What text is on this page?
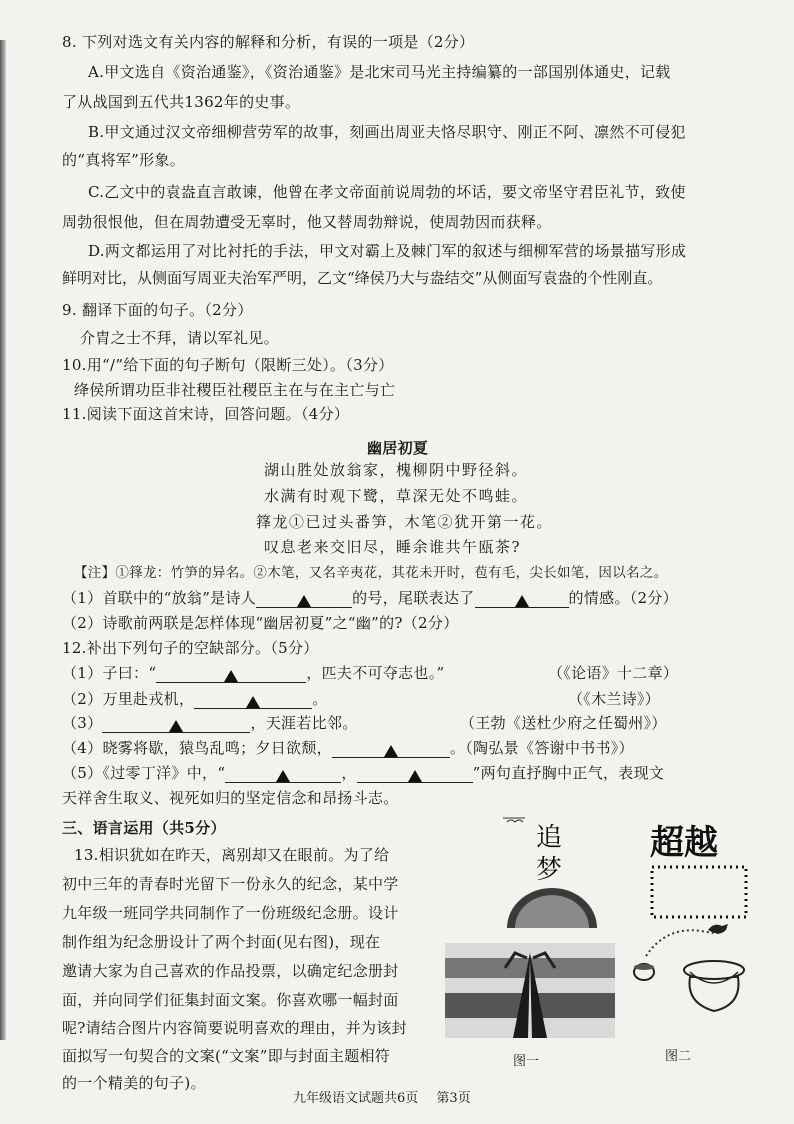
8. 下列对选文有关内容的解释和分析，有误的一项是（2分）
A.甲文选自《资治通鉴》，《资治通鉴》是北宋司马光主持编纂的一部国别体通史，记载
了从战国到五代共1362年的史事。
B.甲文通过汉文帝细柳营劳军的故事，刻画出周亚夫恪尽职守、刚正不阿、凛然不可侵犯
的“真将军”形象。
C.乙文中的袁盎直言敢谏，他曾在孝文帝面前说周勃的坏话，要文帝坚守君臣礼节，致使
周勃很恨他，但在周勃遭受无辜时，他又替周勃辩说，使周勃因而获释。
D.两文都运用了对比衬托的手法，甲文对霸上及棘门军的叙述与细柳军营的场景描写形成
鲜明对比，从侧面写周亚夫治军严明，乙文“绛侯乃大与盎结交”从侧面写袁盎的个性刚直。
9. 翻译下面的句子。（2分）
介胄之士不拜，请以军礼见。
10.用“/”给下面的句子断句（限断三处）。（3分）
绛侯所谓功臣非社稷臣社稷臣主在与在主亡与亡
11.阅读下面这首宋诗，回答问题。（4分）
幽居初夏
湖山胜处放翁家，槐柳阴中野径斜。
水满有时观下鹭，草深无处不鸣蛙。
箨龙①已过头番笋，木笔②犹开第一花。
叹息老来交旧尽，睡余谁共午瓯茶?
【注】①箨龙：竹笋的异名。②木笔，又名辛夷花，其花未开时，苞有毛，尖长如笔，因以名之。
（1）首联中的“放翁”是诗人	的号，尾联表达了	的情感。（2分）
（2）诗歌前两联是怎样体现“幽居初夏”之“幽”的?（2分）
12.补出下列句子的空缺部分。（5分）
（1）子曰：“	，匹夫不可夺志也。”	（《论语》十二章）
（2）万里赴戎机，	。	（《木兰诗》）
（3）	，天涯若比邻。	（王勃《送杜少府之任蜀州》）
（4）晓雾将歇，猿鸟乱鸣；夕日欲颓，	。（陶弘景《答谢中书书》）
（5）《过零丁洋》中，“	，	”两句直抒胸中正气，表现文
天祥舍生取义、视死如归的坚定信念和昂扬斗志。
三、语言运用（共5分）
13.相识犹如在昨天，离别却又在眼前。为了给
初中三年的青春时光留下一份永久的纪念，某中学
九年级一班同学共同制作了一份班级纪念册。设计
制作组为纪念册设计了两个封面(见右图)，现在
邀请大家为自己喜欢的作品投票，以确定纪念册封
面，并向同学们征集封面文案。你喜欢哪一幅封面
呢?请结合图片内容简要说明喜欢的理由，并为该封
面拟写一句契合的文案(“文案”即与封面主题相符
的一个精美的句子)。
追
梦
图一
超越
图二
九年级语文试题共6页 第3页
